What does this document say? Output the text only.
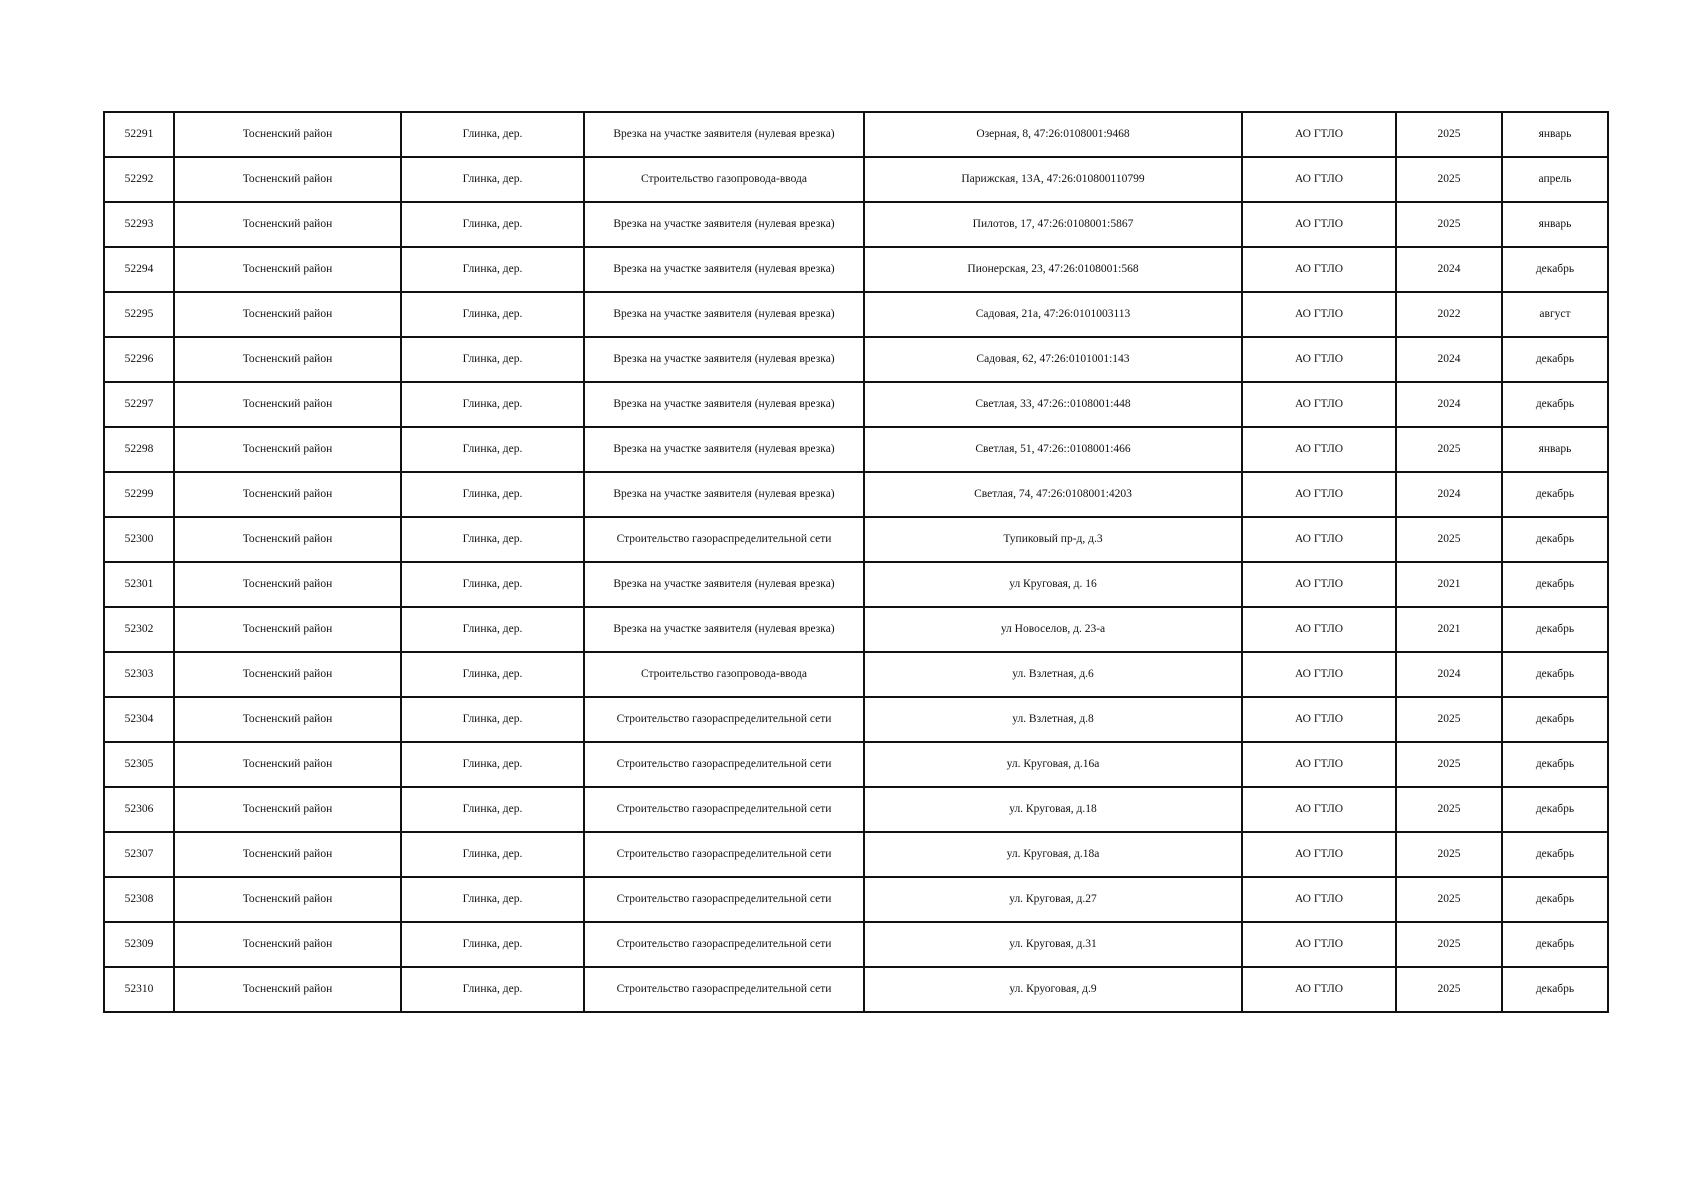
52291	Тосненский район	Глинка, дер.	Врезка на участке заявителя (нулевая врезка)	Озерная, 8, 47:26:0108001:9468	АО ГТЛО	2025	январь
52292	Тосненский район	Глинка, дер.	Строительство газопровода-ввода	Парижская, 13А, 47:26:010800110799	АО ГТЛО	2025	апрель
52293	Тосненский район	Глинка, дер.	Врезка на участке заявителя (нулевая врезка)	Пилотов, 17, 47:26:0108001:5867	АО ГТЛО	2025	январь
52294	Тосненский район	Глинка, дер.	Врезка на участке заявителя (нулевая врезка)	Пионерская, 23, 47:26:0108001:568	АО ГТЛО	2024	декабрь
52295	Тосненский район	Глинка, дер.	Врезка на участке заявителя (нулевая врезка)	Садовая, 21а, 47:26:0101003113	АО ГТЛО	2022	август
52296	Тосненский район	Глинка, дер.	Врезка на участке заявителя (нулевая врезка)	Садовая, 62, 47:26:0101001:143	АО ГТЛО	2024	декабрь
52297	Тосненский район	Глинка, дер.	Врезка на участке заявителя (нулевая врезка)	Светлая, 33, 47:26::0108001:448	АО ГТЛО	2024	декабрь
52298	Тосненский район	Глинка, дер.	Врезка на участке заявителя (нулевая врезка)	Светлая, 51, 47:26::0108001:466	АО ГТЛО	2025	январь
52299	Тосненский район	Глинка, дер.	Врезка на участке заявителя (нулевая врезка)	Светлая, 74, 47:26:0108001:4203	АО ГТЛО	2024	декабрь
52300	Тосненский район	Глинка, дер.	Строительство газораспределительной сети	Тупиковый пр-д, д.3	АО ГТЛО	2025	декабрь
52301	Тосненский район	Глинка, дер.	Врезка на участке заявителя (нулевая врезка)	ул Круговая, д. 16	АО ГТЛО	2021	декабрь
52302	Тосненский район	Глинка, дер.	Врезка на участке заявителя (нулевая врезка)	ул Новоселов, д. 23-а	АО ГТЛО	2021	декабрь
52303	Тосненский район	Глинка, дер.	Строительство газопровода-ввода	ул. Взлетная, д.6	АО ГТЛО	2024	декабрь
52304	Тосненский район	Глинка, дер.	Строительство газораспределительной сети	ул. Взлетная, д.8	АО ГТЛО	2025	декабрь
52305	Тосненский район	Глинка, дер.	Строительство газораспределительной сети	ул. Круговая, д.16а	АО ГТЛО	2025	декабрь
52306	Тосненский район	Глинка, дер.	Строительство газораспределительной сети	ул. Круговая, д.18	АО ГТЛО	2025	декабрь
52307	Тосненский район	Глинка, дер.	Строительство газораспределительной сети	ул. Круговая, д.18а	АО ГТЛО	2025	декабрь
52308	Тосненский район	Глинка, дер.	Строительство газораспределительной сети	ул. Круговая, д.27	АО ГТЛО	2025	декабрь
52309	Тосненский район	Глинка, дер.	Строительство газораспределительной сети	ул. Круговая, д.31	АО ГТЛО	2025	декабрь
52310	Тосненский район	Глинка, дер.	Строительство газораспределительной сети	ул. Круоговая, д.9	АО ГТЛО	2025	декабрь
